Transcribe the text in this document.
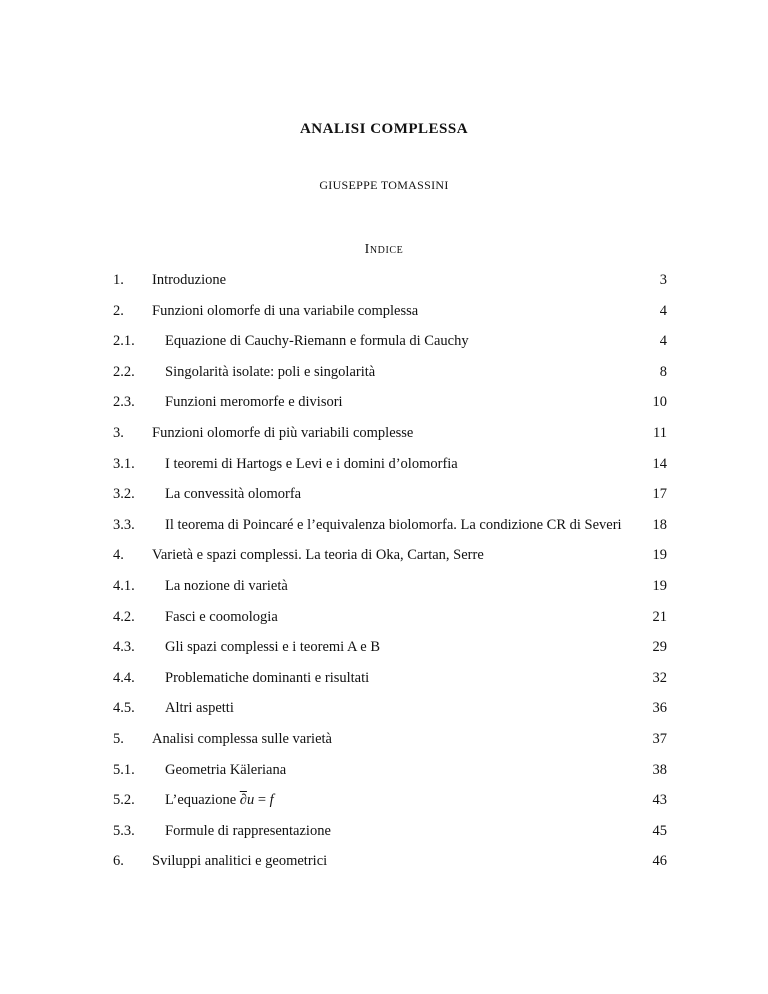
ANALISI COMPLESSA
GIUSEPPE TOMASSINI
Indice
1. Introduzione	3
2. Funzioni olomorfe di una variabile complessa	4
2.1. Equazione di Cauchy-Riemann e formula di Cauchy	4
2.2. Singolarità isolate: poli e singolarità	8
2.3. Funzioni meromorfe e divisori	10
3. Funzioni olomorfe di più variabili complesse	11
3.1. I teoremi di Hartogs e Levi e i domini d’olomorfia	14
3.2. La convessità olomorfa	17
3.3. Il teorema di Poincaré e l’equivalenza biolomorfa. La condizione CR di Severi 18
4. Varietà e spazi complessi. La teoria di Oka, Cartan, Serre	19
4.1. La nozione di varietà	19
4.2. Fasci e coomologia	21
4.3. Gli spazi complessi e i teoremi A e B	29
4.4. Problematiche dominanti e risultati	32
4.5. Altri aspetti	36
5. Analisi complessa sulle varietà	37
5.1. Geometria Käleriana	38
5.2. L’equazione ∂u = f	43
5.3. Formule di rappresentazione	45
6. Sviluppi analitici e geometrici	46
